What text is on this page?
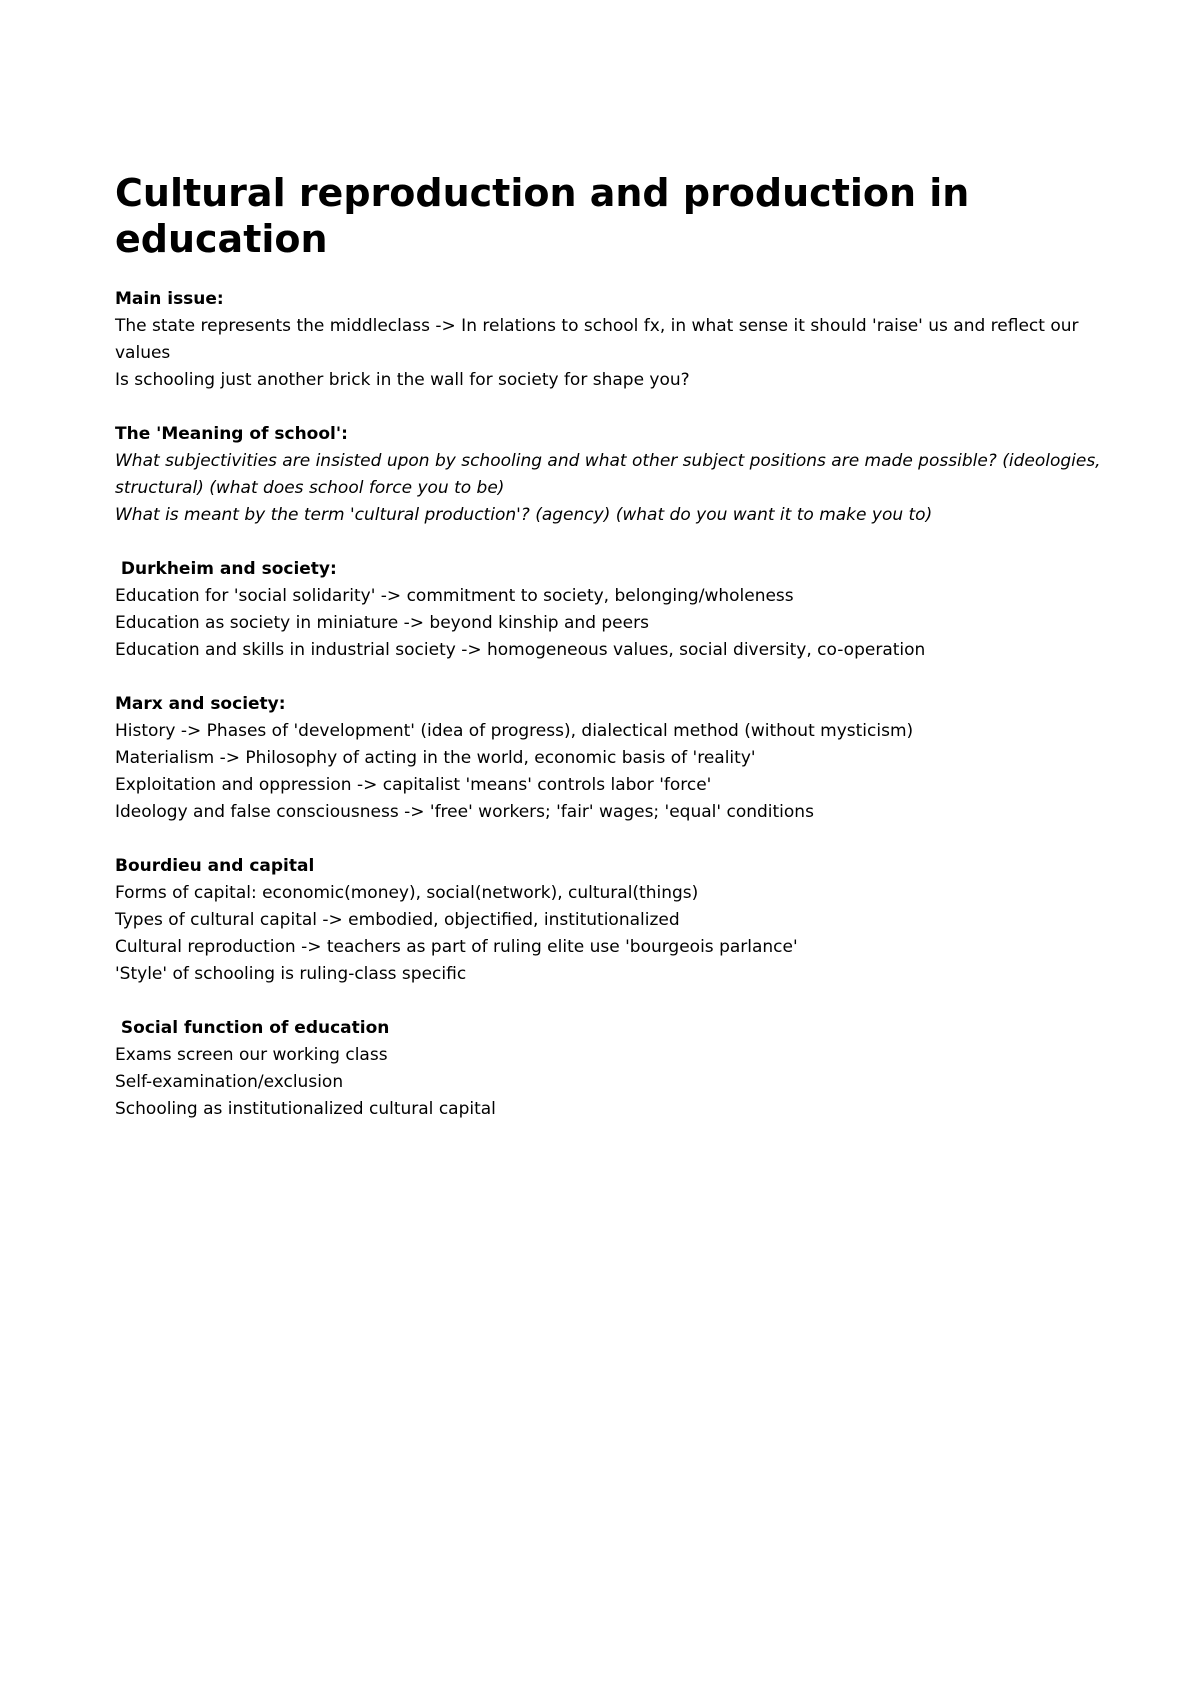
Cultural reproduction and production in education

Main issue:

The state represents the middleclass -> In relations to school fx, in what sense it should 'raise' us and reflect our values

Is schooling just another brick in the wall for society for shape you?

The 'Meaning of school':

What subjectivities are insisted upon by schooling and what other subject positions are made possible? (ideologies, structural) (what does school force you to be)

What is meant by the term 'cultural production'? (agency) (what do you want it to make you to)

Durkheim and society:

Education for 'social solidarity' -> commitment to society, belonging/wholeness

Education as society in miniature -> beyond kinship and peers

Education and skills in industrial society -> homogeneous values, social diversity, co-operation

Marx and society:

History -> Phases of 'development' (idea of progress), dialectical method (without mysticism)

Materialism -> Philosophy of acting in the world, economic basis of 'reality'

Exploitation and oppression -> capitalist 'means' controls labor 'force'

Ideology and false consciousness -> 'free' workers; 'fair' wages; 'equal' conditions

Bourdieu and capital

Forms of capital: economic(money), social(network), cultural(things)

Types of cultural capital -> embodied, objectified, institutionalized

Cultural reproduction -> teachers as part of ruling elite use 'bourgeois parlance'

'Style' of schooling is ruling-class specific

Social function of education

Exams screen our working class

Self-examination/exclusion

Schooling as institutionalized cultural capital
